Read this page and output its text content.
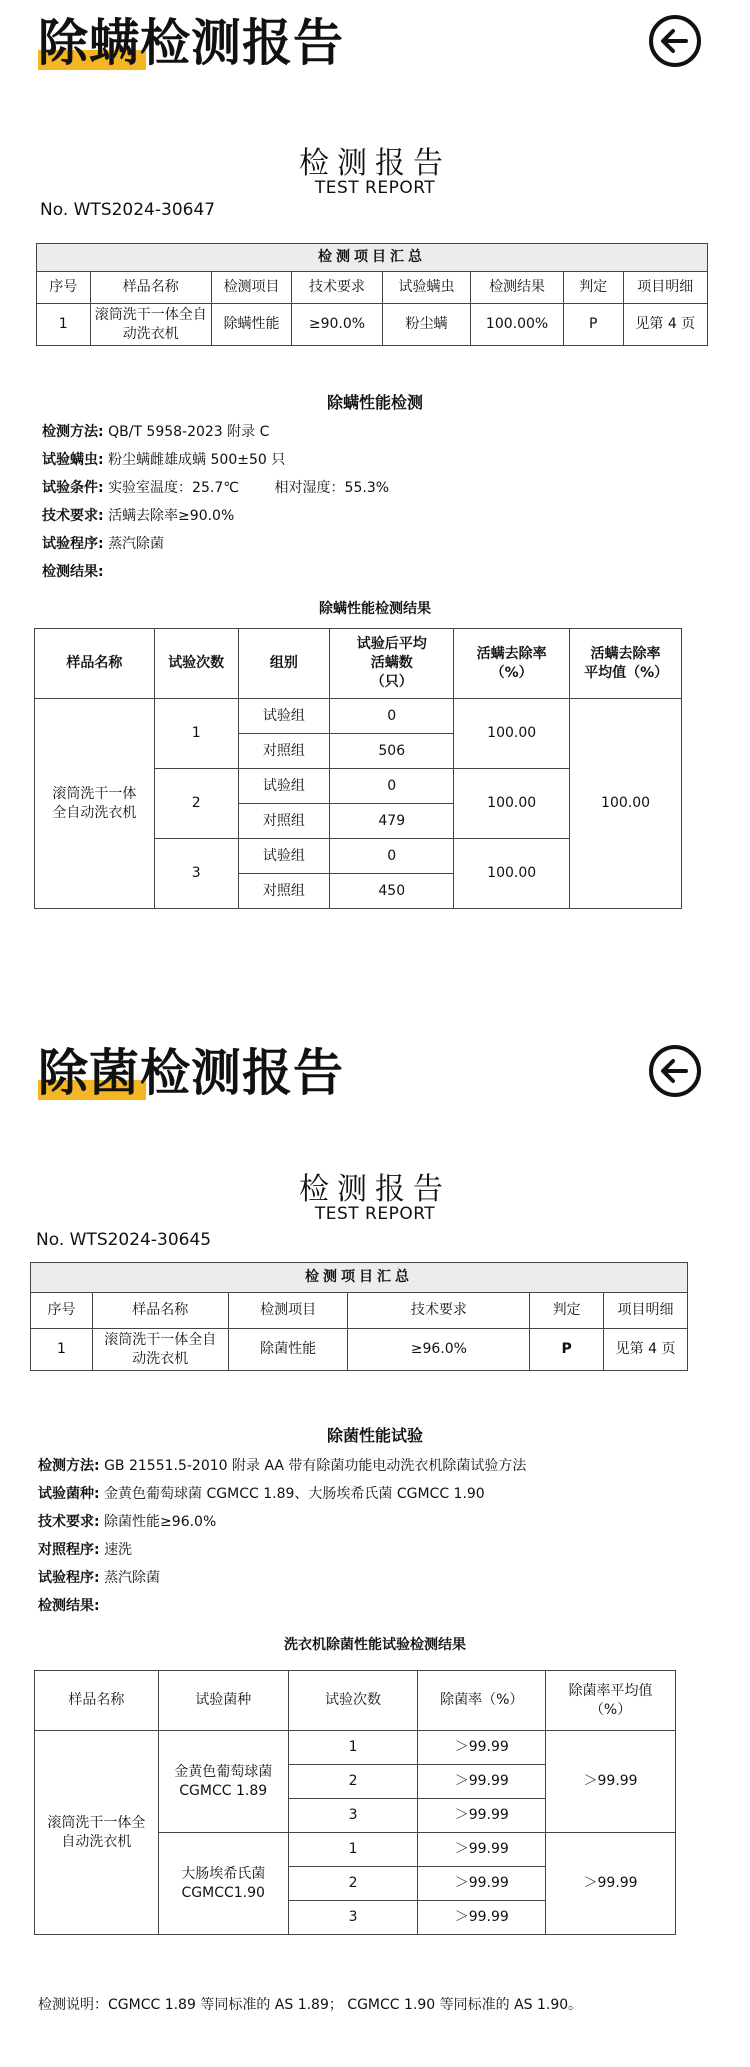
除螨检测报告
检测报告
TEST REPORT
No. WTS2024-30647
检测项目汇总							
序号	样品名称	检测项目	技术要求	试验螨虫	检测结果	判定	项目明细
1	滚筒洗干一体全自动洗衣机	除螨性能	≥90.0%	粉尘螨	100.00%	P	见第 4 页
除螨性能检测
检测方法: QB/T 5958-2023 附录 C
试验螨虫: 粉尘螨雌雄成螨 500±50 只
试验条件: 实验室温度：25.7℃        相对湿度：55.3%
技术要求: 活螨去除率≥90.0%
试验程序: 蒸汽除菌
检测结果:
除螨性能检测结果
样品名称	试验次数	组别	试验后平均活螨数（只）	活螨去除率（%）	活螨去除率平均值（%）
滚筒洗干一体全自动洗衣机	1	试验组	0	100.00	100.00
		对照组	506		
	2	试验组	0	100.00	
		对照组	479		
	3	试验组	0	100.00	
		对照组	450		
除菌检测报告
检测报告
TEST REPORT
No. WTS2024-30645
检测项目汇总					
序号	样品名称	检测项目	技术要求	判定	项目明细
1	滚筒洗干一体全自动洗衣机	除菌性能	≥96.0%	P	见第 4 页
除菌性能试验
检测方法: GB 21551.5-2010 附录 AA 带有除菌功能电动洗衣机除菌试验方法
试验菌种: 金黄色葡萄球菌 CGMCC 1.89、大肠埃希氏菌 CGMCC 1.90
技术要求: 除菌性能≥96.0%
对照程序: 速洗
试验程序: 蒸汽除菌
检测结果:
洗衣机除菌性能试验检测结果
样品名称	试验菌种	试验次数	除菌率（%）	除菌率平均值（%）
滚筒洗干一体全自动洗衣机	金黄色葡萄球菌 CGMCC 1.89	1	＞99.99	＞99.99
		2	＞99.99	
		3	＞99.99	
	大肠埃希氏菌 CGMCC1.90	1	＞99.99	＞99.99
		2	＞99.99	
		3	＞99.99	
检测说明：CGMCC 1.89 等同标准的 AS 1.89； CGMCC 1.90 等同标准的 AS 1.90。
